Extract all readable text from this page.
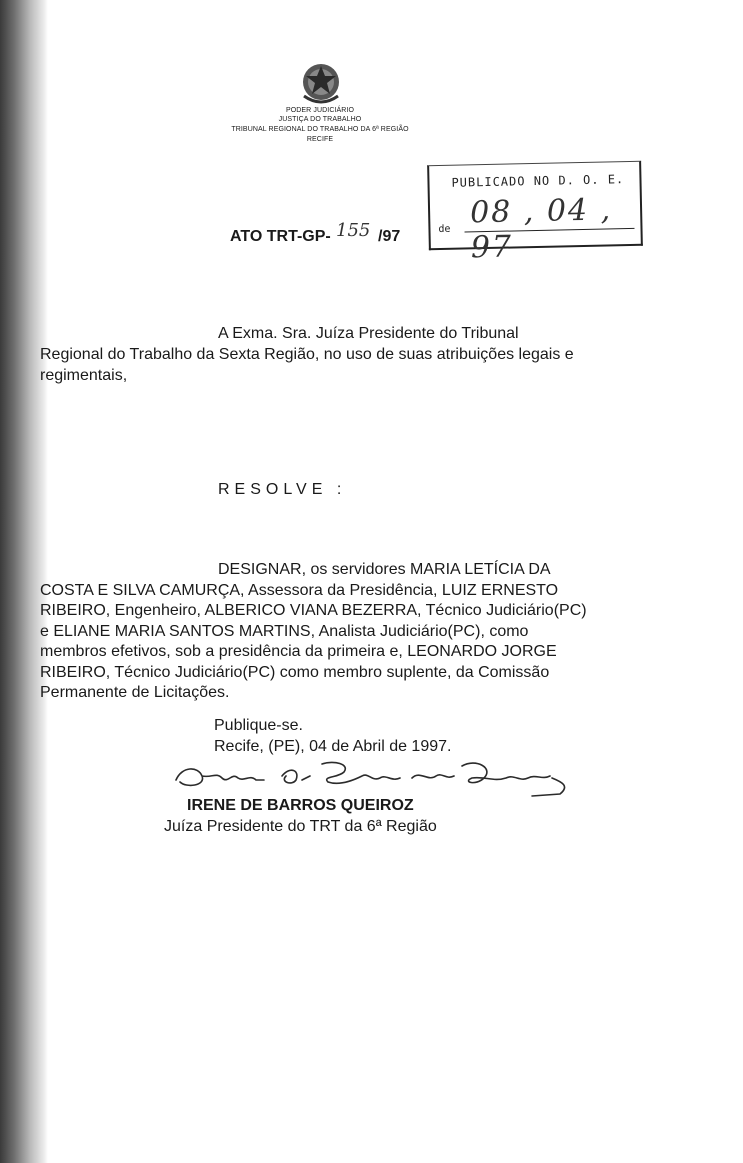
PODER JUDICIÁRIO
JUSTIÇA DO TRABALHO
TRIBUNAL REGIONAL DO TRABALHO DA 6ª REGIÃO
RECIFE
PUBLICADO NO D. O. E.
de 08 , 04 , 97
ATO TRT-GP- 155 /97

A Exma. Sra. Juíza Presidente do Tribunal

Regional do Trabalho da Sexta Região, no uso de suas atribuições legais e

regimentais,

RESOLVE :

DESIGNAR, os servidores MARIA LETÍCIA DA

COSTA E SILVA CAMURÇA, Assessora da Presidência, LUIZ ERNESTO

RIBEIRO, Engenheiro, ALBERICO VIANA BEZERRA, Técnico Judiciário(PC)

e ELIANE MARIA SANTOS MARTINS, Analista Judiciário(PC), como

membros efetivos, sob a presidência da primeira e, LEONARDO JORGE

RIBEIRO, Técnico Judiciário(PC) como membro suplente, da Comissão

Permanente de Licitações.

Publique-se.
Recife, (PE), 04 de Abril de 1997.
IRENE DE BARROS QUEIROZ
Juíza Presidente do TRT da 6ª Região
